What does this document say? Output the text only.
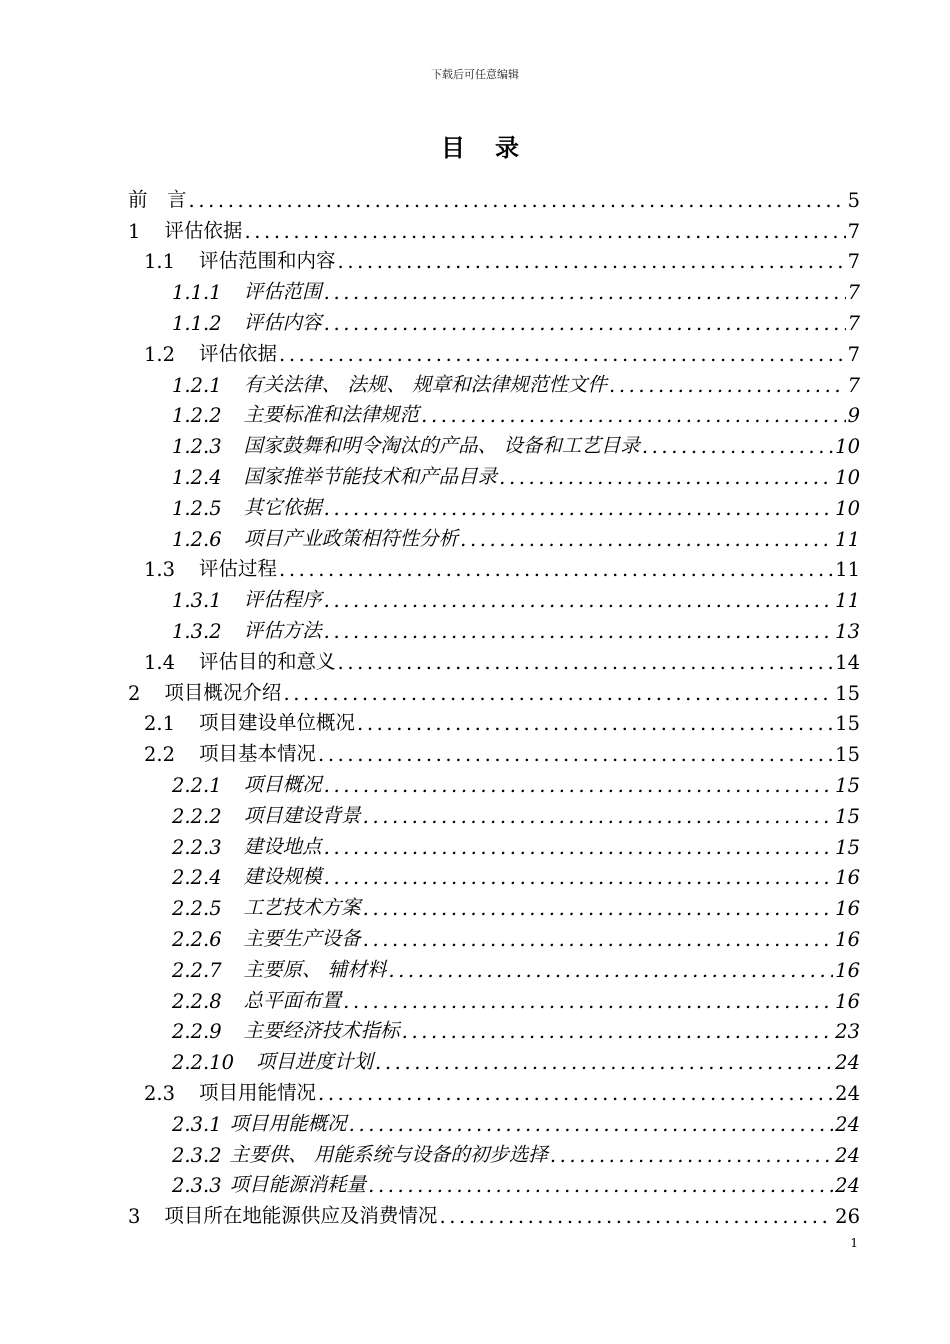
下载后可任意编辑
目录
前　言 .....	5
1 评估依据 .....	7
1.1 评估范围和内容 .....	7
1.1.1 评估范围 .....	7
1.1.2 评估内容 .....	7
1.2 评估依据 .....	7
1.2.1 有关法律、 法规、 规章和法律规范性文件 .....	7
1.2.2 主要标准和法律规范 .....	9
1.2.3 国家鼓舞和明令淘汰的产品、 设备和工艺目录 .....	10
1.2.4 国家推举节能技术和产品目录 .....	10
1.2.5 其它依据 .....	10
1.2.6 项目产业政策相符性分析 .....	11
1.3 评估过程 .....	11
1.3.1 评估程序 .....	11
1.3.2 评估方法 .....	13
1.4 评估目的和意义 .....	14
2 项目概况介绍 .....	15
2.1 项目建设单位概况 .....	15
2.2 项目基本情况 .....	15
2.2.1 项目概况 .....	15
2.2.2 项目建设背景 .....	15
2.2.3 建设地点 .....	15
2.2.4 建设规模 .....	16
2.2.5 工艺技术方案 .....	16
2.2.6 主要生产设备 .....	16
2.2.7 主要原、 辅材料 .....	16
2.2.8 总平面布置 .....	16
2.2.9 主要经济技术指标 .....	23
2.2.10 项目进度计划 .....	24
2.3 项目用能情况 .....	24
2.3.1 项目用能概况 .....	24
2.3.2 主要供、 用能系统与设备的初步选择 .....	24
2.3.3 项目能源消耗量 .....	24
3 项目所在地能源供应及消费情况 .....	26
1
